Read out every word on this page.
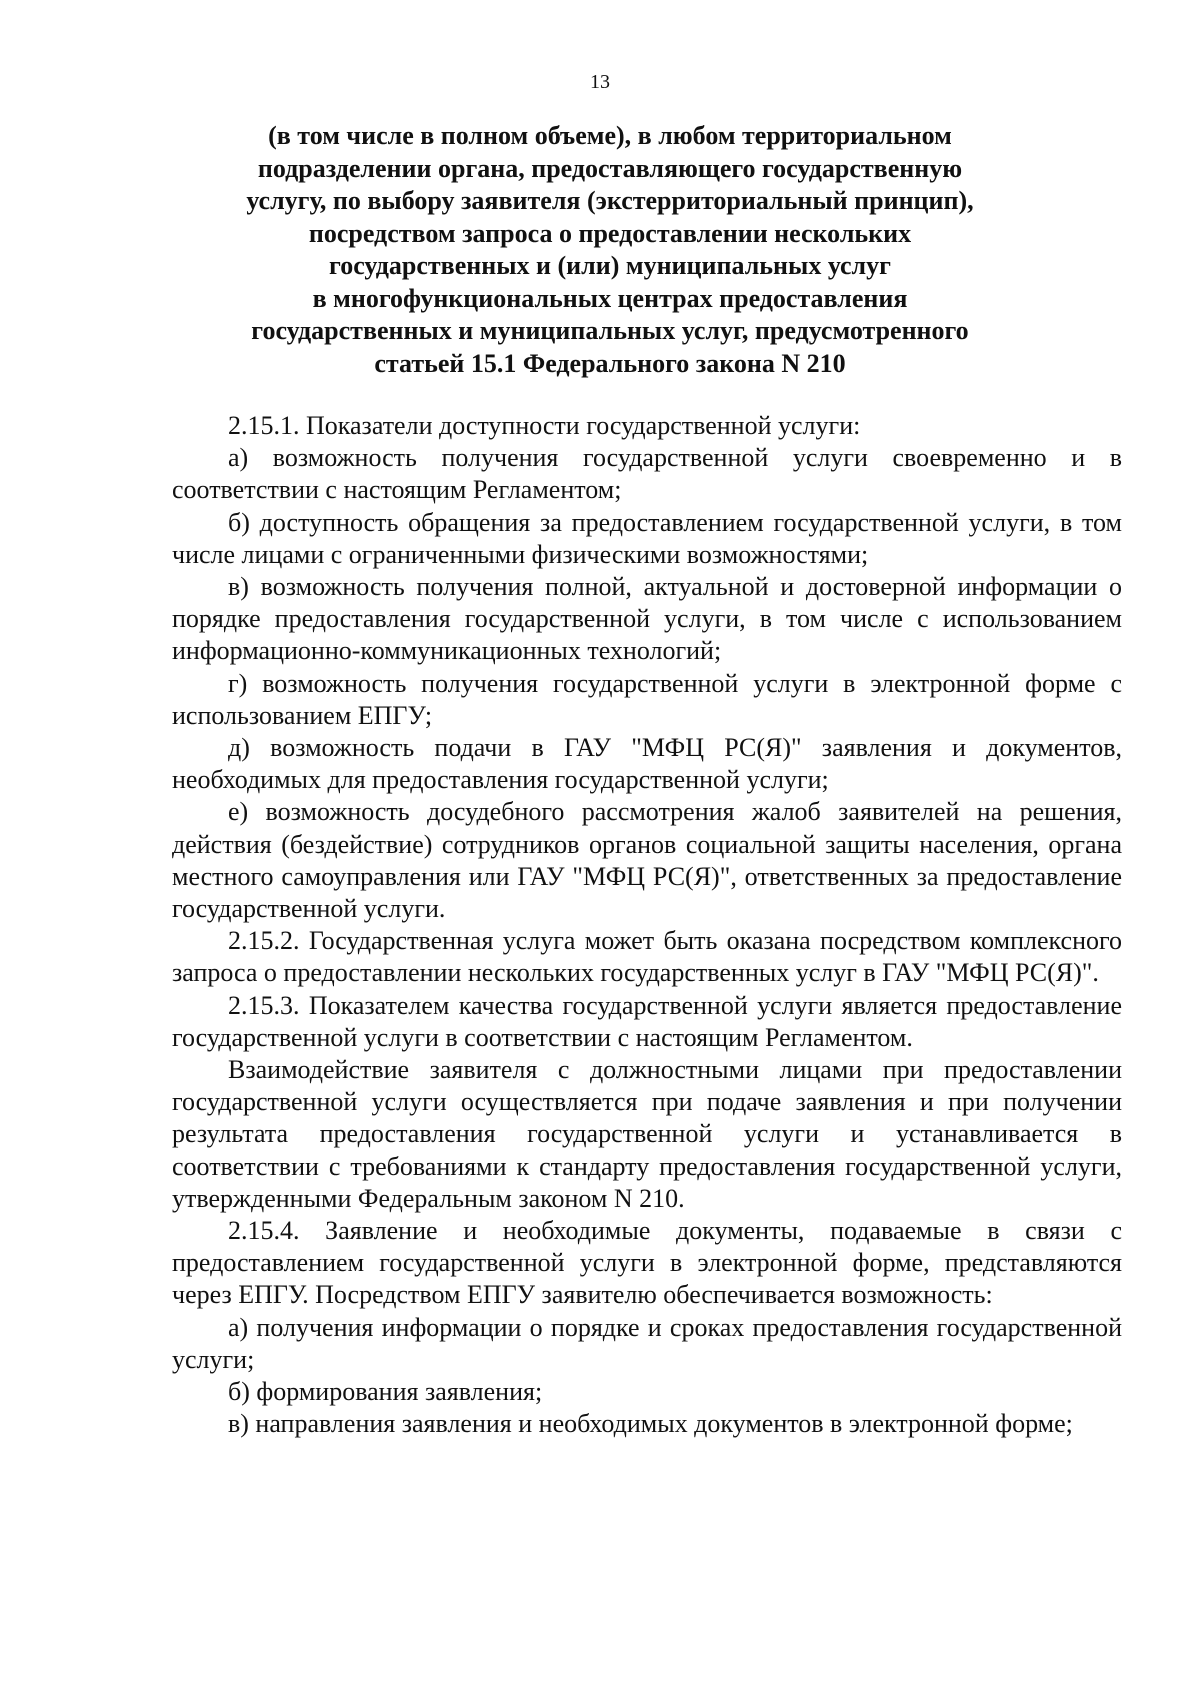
13
(в том числе в полном объеме), в любом территориальном
подразделении органа, предоставляющего государственную
услугу, по выбору заявителя (экстерриториальный принцип),
посредством запроса о предоставлении нескольких
государственных и (или) муниципальных услуг
в многофункциональных центрах предоставления
государственных и муниципальных услуг, предусмотренного
статьей 15.1 Федерального закона N 210

2.15.1. Показатели доступности государственной услуги:

а) возможность получения государственной услуги своевременно и в соответствии с настоящим Регламентом;

б) доступность обращения за предоставлением государственной услуги, в том числе лицами с ограниченными физическими возможностями;

в) возможность получения полной, актуальной и достоверной информации о порядке предоставления государственной услуги, в том числе с использованием информационно-коммуникационных технологий;

г) возможность получения государственной услуги в электронной форме с использованием ЕПГУ;

д) возможность подачи в ГАУ "МФЦ РС(Я)" заявления и документов, необходимых для предоставления государственной услуги;

е) возможность досудебного рассмотрения жалоб заявителей на решения, действия (бездействие) сотрудников органов социальной защиты населения, органа местного самоуправления или ГАУ "МФЦ РС(Я)", ответственных за предоставление государственной услуги.

2.15.2. Государственная услуга может быть оказана посредством комплексного запроса о предоставлении нескольких государственных услуг в ГАУ "МФЦ РС(Я)".

2.15.3. Показателем качества государственной услуги является предоставление государственной услуги в соответствии с настоящим Регламентом.

Взаимодействие заявителя с должностными лицами при предоставлении государственной услуги осуществляется при подаче заявления и при получении результата предоставления государственной услуги и устанавливается в соответствии с требованиями к стандарту предоставления государственной услуги, утвержденными Федеральным законом N 210.

2.15.4. Заявление и необходимые документы, подаваемые в связи с предоставлением государственной услуги в электронной форме, представляются через ЕПГУ. Посредством ЕПГУ заявителю обеспечивается возможность:

а) получения информации о порядке и сроках предоставления государственной услуги;

б) формирования заявления;

в) направления заявления и необходимых документов в электронной форме;
